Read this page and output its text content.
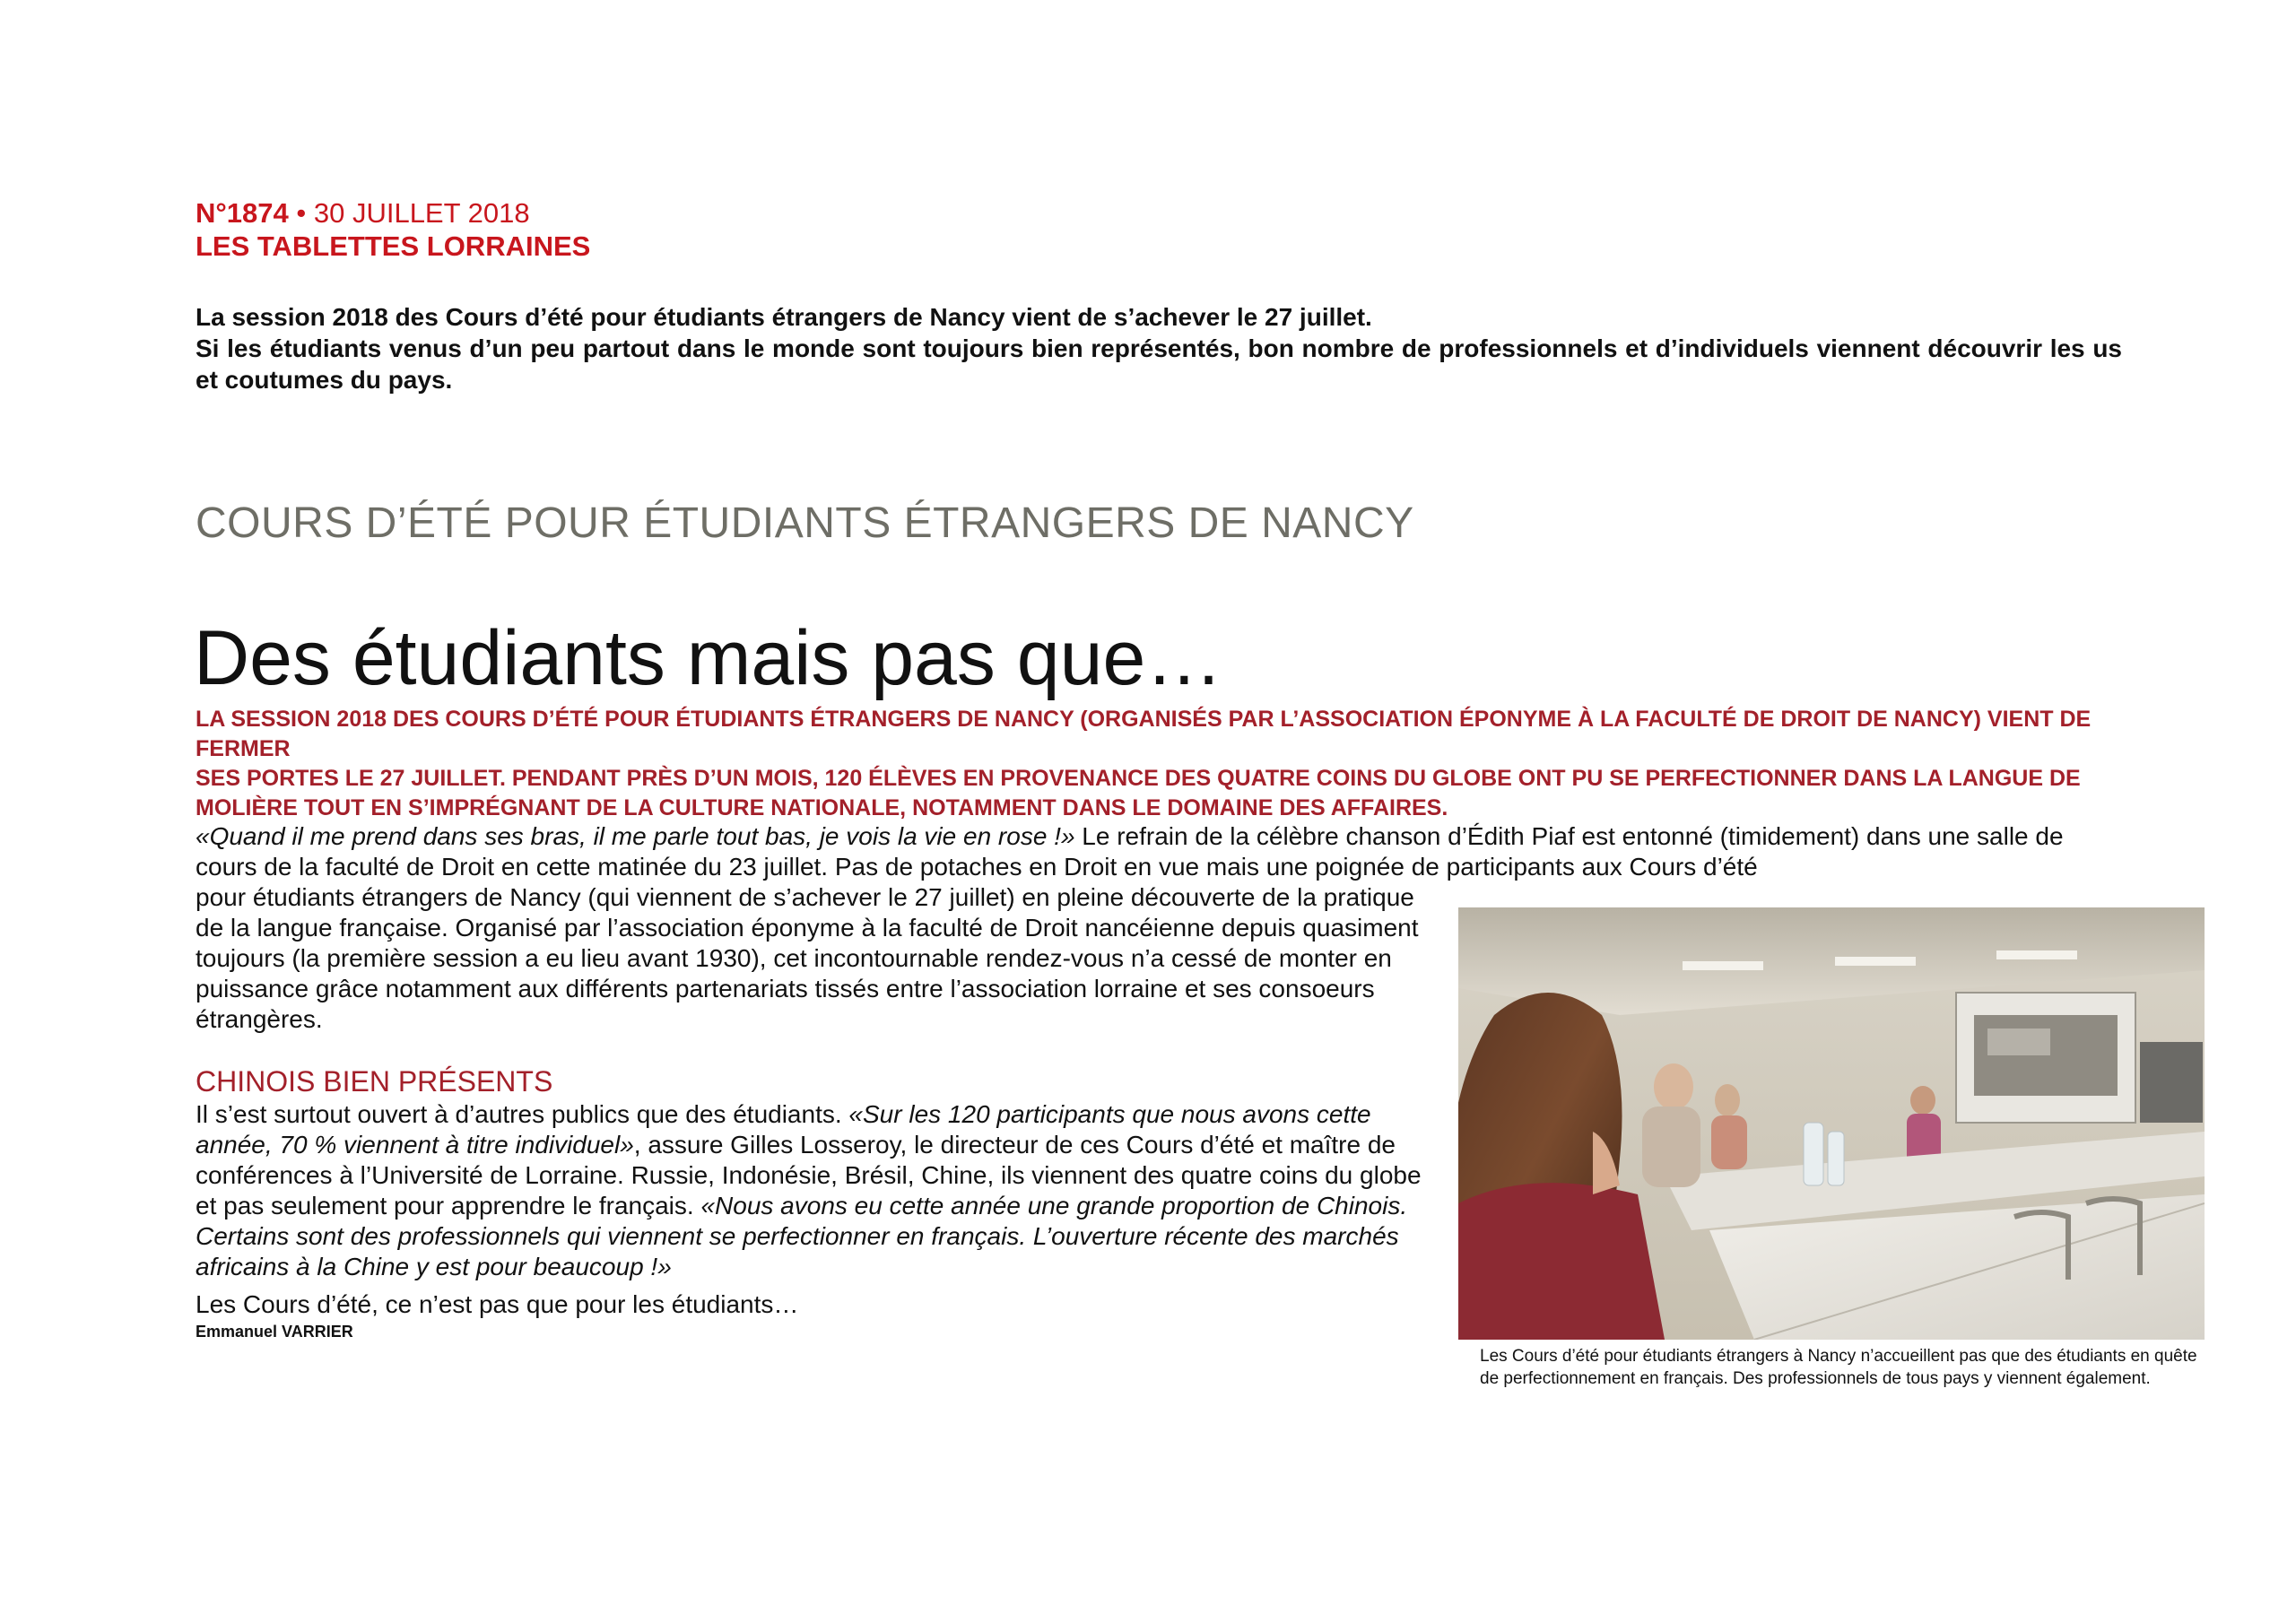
N°1874 • 30 JUILLET 2018
LES TABLETTES LORRAINES

La session 2018 des Cours d’été pour étudiants étrangers de Nancy vient de s’achever le 27 juillet.

Si les étudiants venus d’un peu partout dans le monde sont toujours bien représentés, bon nombre de professionnels et d’individuels viennent découvrir les us et coutumes du pays.

COURS D’ÉTÉ POUR ÉTUDIANTS ÉTRANGERS DE NANCY
Des étudiants mais pas que…

LA SESSION 2018 DES COURS D’ÉTÉ POUR ÉTUDIANTS ÉTRANGERS DE NANCY (ORGANISÉS PAR L’ASSOCIATION ÉPONYME À LA FACULTÉ DE DROIT DE NANCY) VIENT DE FERMER

SES PORTES LE 27 JUILLET. PENDANT PRÈS D’UN MOIS, 120 ÉLÈVES EN PROVENANCE DES QUATRE COINS DU GLOBE ONT PU SE PERFECTIONNER DANS LA LANGUE DE MOLIÈRE TOUT EN S’IMPRÉGNANT DE LA CULTURE NATIONALE, NOTAMMENT DANS LE DOMAINE DES AFFAIRES.

«Quand il me prend dans ses bras, il me parle tout bas, je vois la vie en rose !» Le refrain de la célèbre chanson d’Édith Piaf est entonné (timidement) dans une salle de cours de la faculté de Droit en cette matinée du 23 juillet. Pas de potaches en Droit en vue mais une poignée de participants aux Cours d’été
pour étudiants étrangers de Nancy (qui viennent de s’achever le 27 juillet) en pleine découverte de la pratique de la langue française. Organisé par l’association éponyme à la faculté de Droit nancéienne depuis quasiment toujours (la première session a eu lieu avant 1930), cet incontournable rendez-vous n’a cessé de monter en puissance grâce notamment aux différents partenariats tissés entre l’association lorraine et ses consoeurs étrangères.
CHINOIS BIEN PRÉSENTS
Il s’est surtout ouvert à d’autres publics que des étudiants. «Sur les 120 participants que nous avons cette année, 70 % viennent à titre individuel», assure Gilles Losseroy, le directeur de ces Cours d’été et maître de conférences à l’Université de Lorraine. Russie, Indonésie, Brésil, Chine, ils viennent des quatre coins du globe et pas seulement pour apprendre le français. «Nous avons eu cette année une grande proportion de Chinois. Certains sont des professionnels qui viennent se perfectionner en français. L’ouverture récente des marchés africains à la Chine y est pour beaucoup !»
Les Cours d’été, ce n’est pas que pour les étudiants…
Emmanuel VARRIER
Les Cours d’été pour étudiants étrangers à Nancy n’accueillent pas que des étudiants en quête de perfectionnement en français. Des professionnels de tous pays y viennent également.
